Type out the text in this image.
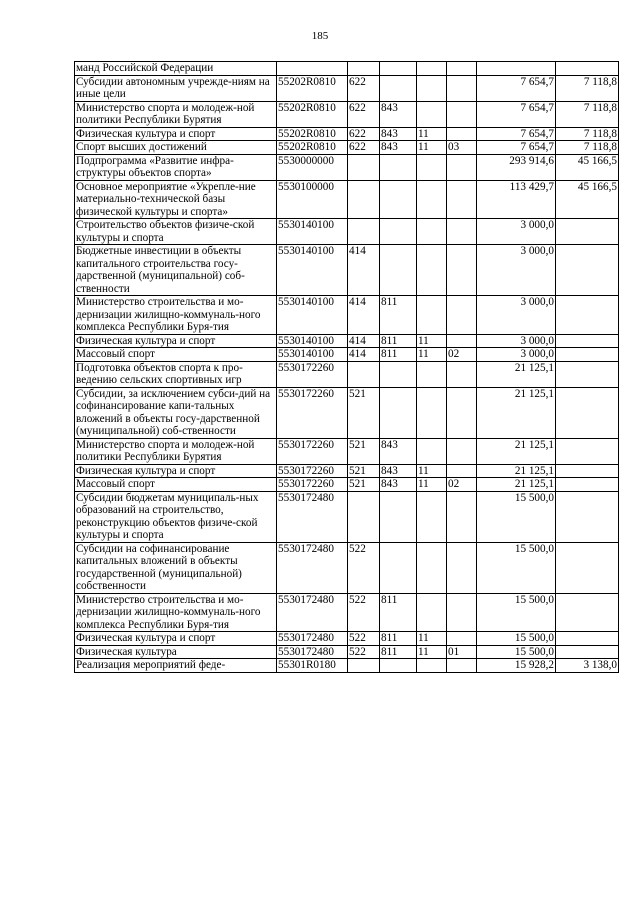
185
манд Российской Федерации							
Субсидии автономным учрежде-ниям на иные цели	55202R0810	622				7 654,7	7 118,8
Министерство спорта и молодеж-ной политики Республики Бурятия	55202R0810	622	843			7 654,7	7 118,8
Физическая культура и спорт	55202R0810	622	843	11		7 654,7	7 118,8
Спорт высших достижений	55202R0810	622	843	11	03	7 654,7	7 118,8
Подпрограмма «Развитие инфра-структуры объектов спорта»	5530000000					293 914,6	45 166,5
Основное мероприятие «Укрепле-ние материально-технической базы физической культуры и спорта»	5530100000					113 429,7	45 166,5
Строительство объектов физиче-ской культуры и спорта	5530140100					3 000,0	
Бюджетные инвестиции в объекты капитального строительства госу-дарственной (муниципальной) соб-ственности	5530140100	414				3 000,0	
Министерство строительства и мо-дернизации жилищно-коммуналь-ного комплекса Республики Буря-тия	5530140100	414	811			3 000,0	
Физическая культура и спорт	5530140100	414	811	11		3 000,0	
Массовый спорт	5530140100	414	811	11	02	3 000,0	
Подготовка объектов спорта к про-ведению сельских спортивных игр	5530172260					21 125,1	
Субсидии, за исключением субси-дий на софинансирование капи-тальных вложений в объекты госу-дарственной (муниципальной) соб-ственности	5530172260	521				21 125,1	
Министерство спорта и молодеж-ной политики Республики Бурятия	5530172260	521	843			21 125,1	
Физическая культура и спорт	5530172260	521	843	11		21 125,1	
Массовый спорт	5530172260	521	843	11	02	21 125,1	
Субсидии бюджетам муниципаль-ных образований на строительство, реконструкцию объектов физиче-ской культуры и спорта	5530172480					15 500,0	
Субсидии на софинансирование капитальных вложений в объекты государственной (муниципальной) собственности	5530172480	522				15 500,0	
Министерство строительства и мо-дернизации жилищно-коммуналь-ного комплекса Республики Буря-тия	5530172480	522	811			15 500,0	
Физическая культура и спорт	5530172480	522	811	11		15 500,0	
Физическая культура	5530172480	522	811	11	01	15 500,0	
Реализация мероприятий феде-	55301R0180					15 928,2	3 138,0
